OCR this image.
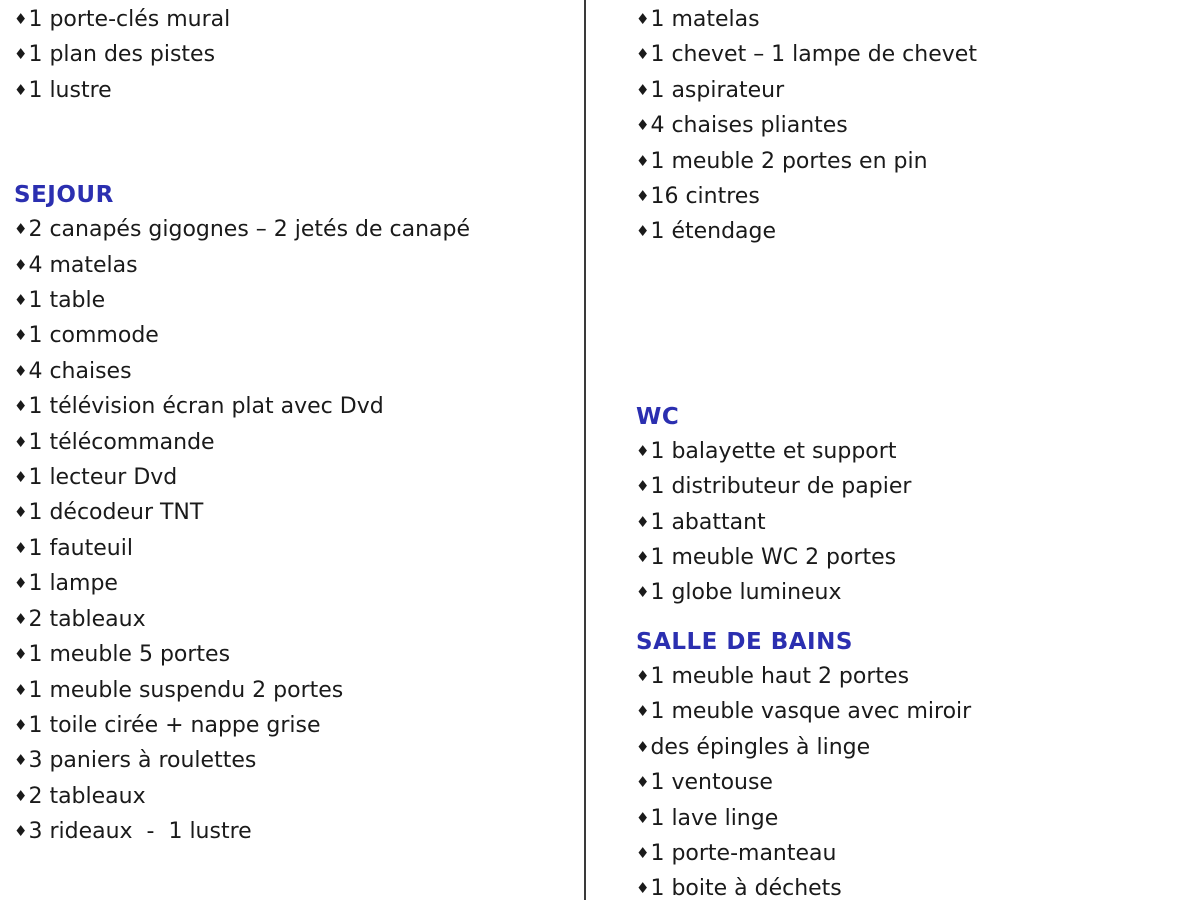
♦1 porte-clés mural
♦1 plan des pistes
♦1 lustre
SEJOUR
♦2 canapés gigognes – 2 jetés de canapé
♦4 matelas
♦1 table
♦1 commode
♦4 chaises
♦1 télévision écran plat avec Dvd
♦1 télécommande
♦1 lecteur Dvd
♦1 décodeur TNT
♦1 fauteuil
♦1 lampe
♦2 tableaux
♦1 meuble 5 portes
♦1 meuble suspendu 2 portes
♦1 toile cirée + nappe grise
♦3 paniers à roulettes
♦2 tableaux
♦3 rideaux  -  1 lustre
♦1 matelas
♦1 chevet – 1 lampe de chevet
♦1 aspirateur
♦4 chaises pliantes
♦1 meuble 2 portes en pin
♦16 cintres
♦1 étendage
WC
♦1 balayette et support
♦1 distributeur de papier
♦1 abattant
♦1 meuble WC 2 portes
♦1 globe lumineux
SALLE DE BAINS
♦1 meuble haut 2 portes
♦1 meuble vasque avec miroir
♦des épingles à linge
♦1 ventouse
♦1 lave linge
♦1 porte-manteau
♦1 boite à déchets
